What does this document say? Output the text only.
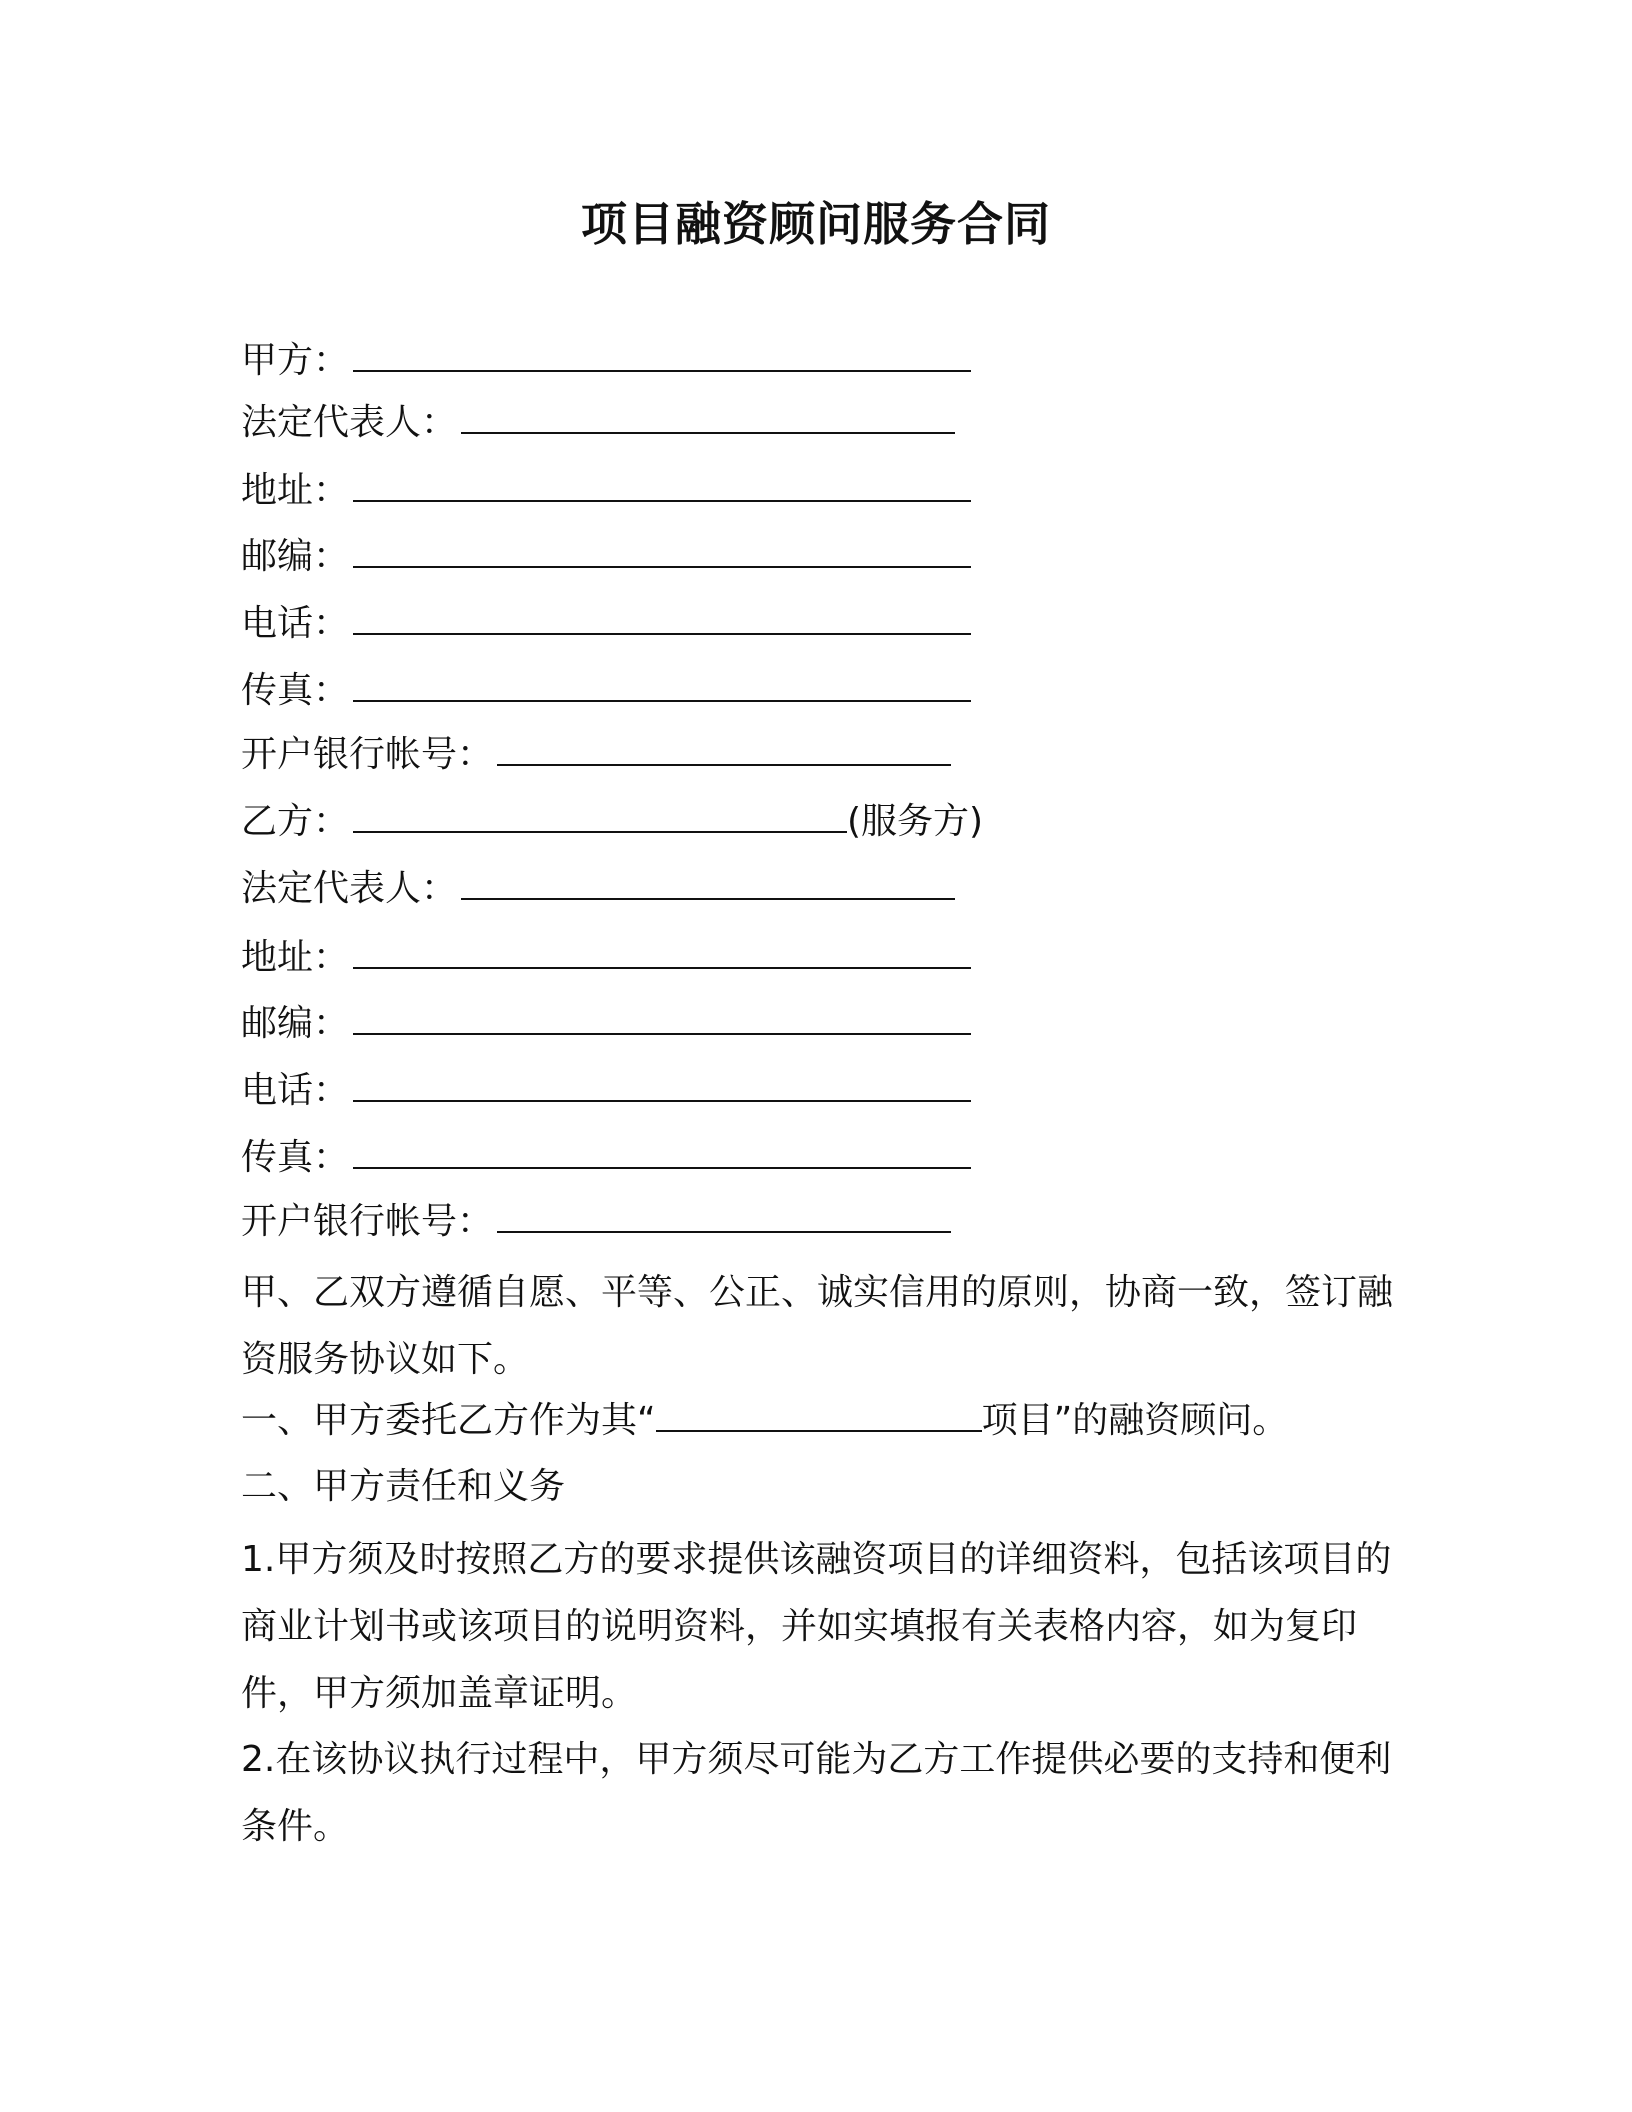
项目融资顾问服务合同
甲方：
法定代表人：
地址：
邮编：
电话：
传真：
开户银行帐号：
乙方：	(服务方)
法定代表人：
地址：
邮编：
电话：
传真：
开户银行帐号：
甲、乙双方遵循自愿、平等、公正、诚实信用的原则，协商一致，签订融资服务协议如下。
一、甲方委托乙方作为其“	项目”的融资顾问。
二、甲方责任和义务
1.甲方须及时按照乙方的要求提供该融资项目的详细资料，包括该项目的商业计划书或该项目的说明资料，并如实填报有关表格内容，如为复印件，甲方须加盖章证明。
2.在该协议执行过程中，甲方须尽可能为乙方工作提供必要的支持和便利条件。
